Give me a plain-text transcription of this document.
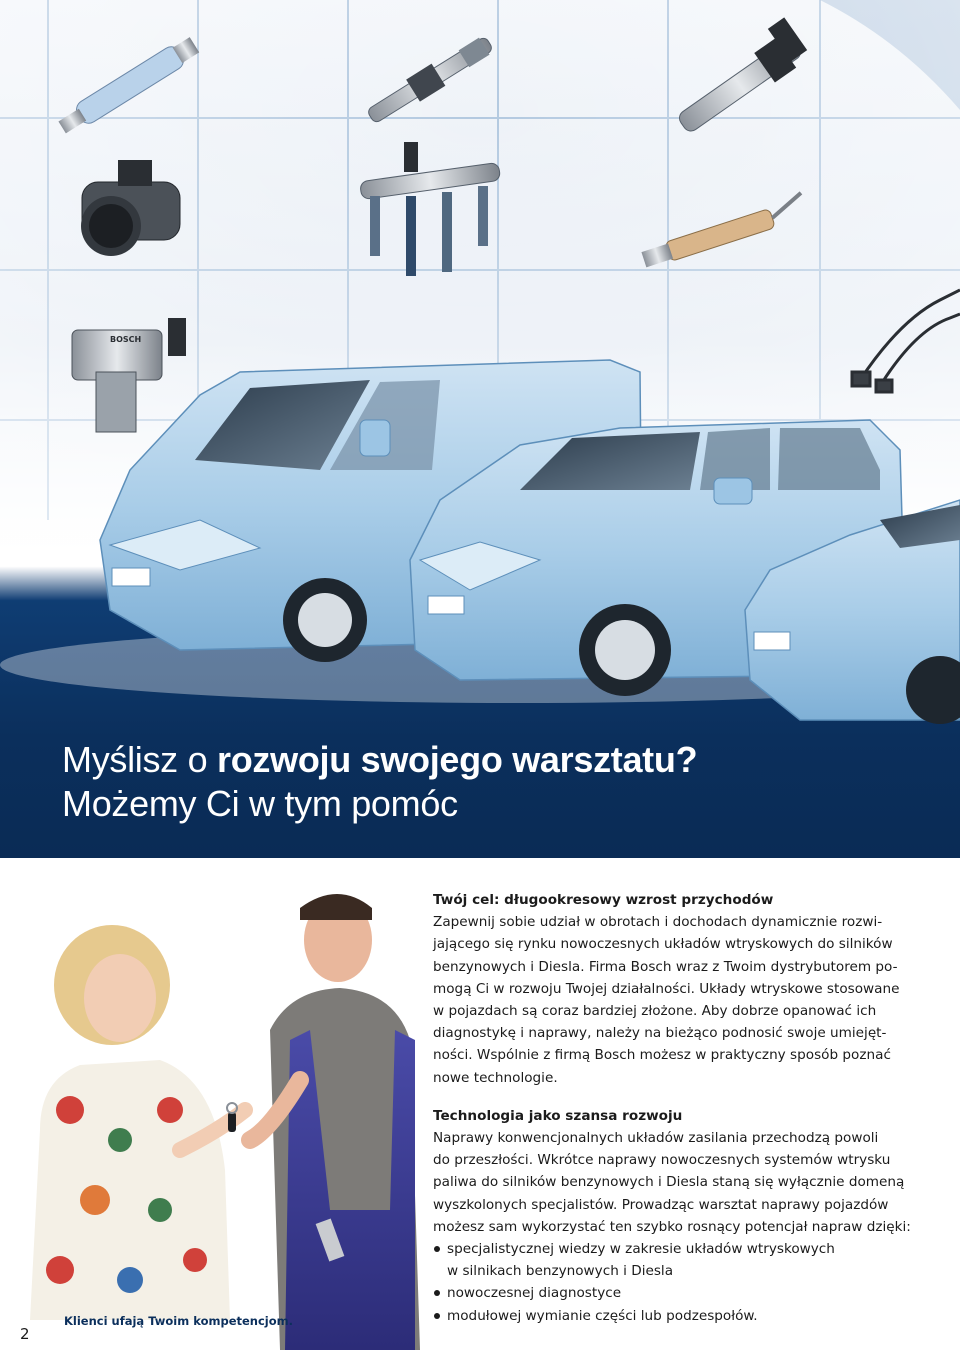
BOSCH
Myślisz o rozwoju swojego warsztatu?
Możemy Ci w tym pomóc
Twój cel: długookresowy wzrost przychodów

Zapewnij sobie udział w obrotach i dochodach dynamicznie rozwi-
jającego się rynku nowoczesnych układów wtryskowych do silników
benzynowych i Diesla. Firma Bosch wraz z Twoim dystrybutorem po-
mogą Ci w rozwoju Twojej działalności. Układy wtryskowe stosowane
w pojazdach są coraz bardziej złożone. Aby dobrze opanować ich
diagnostykę i naprawy, należy na bieżąco podnosić swoje umiejęt-
ności. Wspólnie z firmą Bosch możesz w praktyczny sposób poznać
nowe technologie.

Technologia jako szansa rozwoju

Naprawy konwencjonalnych układów zasilania przechodzą powoli
do przeszłości. Wkrótce naprawy nowoczesnych systemów wtrysku
paliwa do silników benzynowych i Diesla staną się wyłącznie domeną
wyszkolonych specjalistów. Prowadząc warsztat naprawy pojazdów
możesz sam wykorzystać ten szybko rosnący potencjał napraw dzięki:

specjalistycznej wiedzy w zakresie układów wtryskowych
w silnikach benzynowych i Diesla
nowoczesnej diagnostyce
modułowej wymianie części lub podzespołów.
Klienci ufają Twoim kompetencjom.
2
